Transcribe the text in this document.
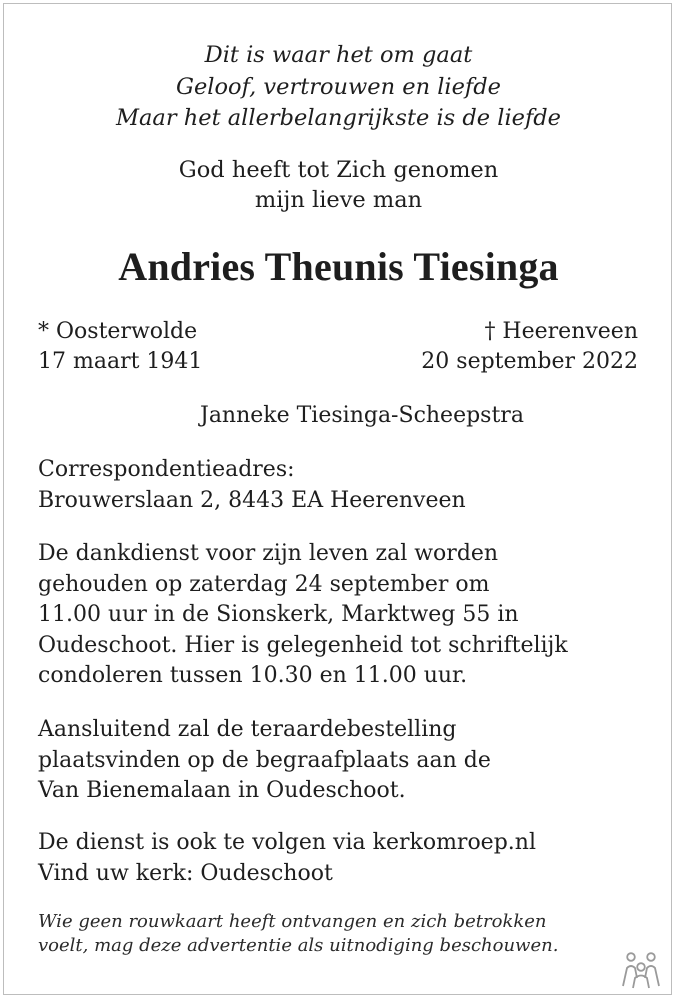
Dit is waar het om gaat
Geloof, vertrouwen en liefde
Maar het allerbelangrijkste is de liefde
God heeft tot Zich genomen
mijn lieve man
Andries Theunis Tiesinga
* Oosterwolde
17 maart 1941
† Heerenveen
20 september 2022
Janneke Tiesinga-Scheepstra
Correspondentieadres:
Brouwerslaan 2, 8443 EA Heerenveen
De dankdienst voor zijn leven zal worden
gehouden op zaterdag 24 september om
11.00 uur in de Sionskerk, Marktweg 55 in
Oudeschoot. Hier is gelegenheid tot schriftelijk
condoleren tussen 10.30 en 11.00 uur.
Aansluitend zal de teraardebestelling
plaatsvinden op de begraafplaats aan de
Van Bienemalaan in Oudeschoot.
De dienst is ook te volgen via kerkomroep.nl
Vind uw kerk: Oudeschoot
Wie geen rouwkaart heeft ontvangen en zich betrokken
voelt, mag deze advertentie als uitnodiging beschouwen.
